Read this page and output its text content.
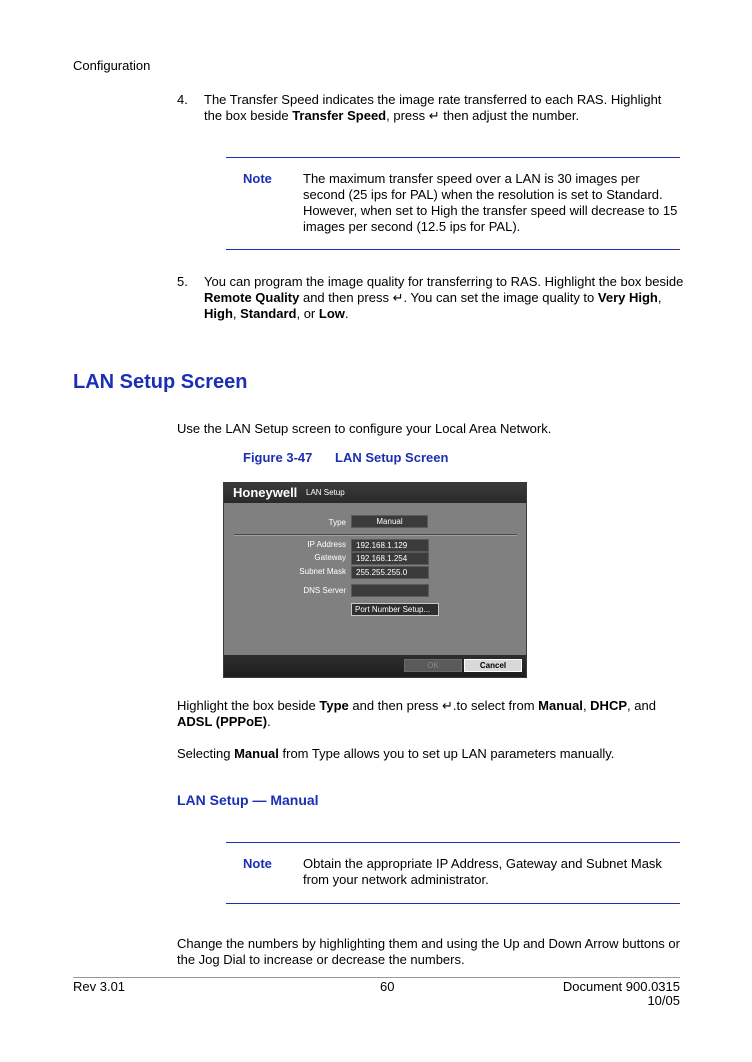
Configuration
4. The Transfer Speed indicates the image rate transferred to each RAS. Highlight
the box beside Transfer Speed, press ↵ then adjust the number.
Note The maximum transfer speed over a LAN is 30 images per second (25 ips for PAL) when the resolution is set to Standard. However, when set to High the transfer speed will decrease to 15 images per second (12.5 ips for PAL).
5. You can program the image quality for transferring to RAS. Highlight the box beside Remote Quality and then press ↵. You can set the image quality to Very High, High, Standard, or Low.
LAN Setup Screen
Use the LAN Setup screen to configure your Local Area Network.
Figure 3-47 LAN Setup Screen
Honeywell LAN Setup
Type	Manual
IP Address	192.168.1.129
Gateway	192.168.1.254
Subnet Mask	255.255.255.0
DNS Server
Port Number Setup...
OK	Cancel
Highlight the box beside Type and then press ↵.to select from Manual, DHCP, and
ADSL (PPPoE).
Selecting Manual from Type allows you to set up LAN parameters manually.
LAN Setup — Manual
Note Obtain the appropriate IP Address, Gateway and Subnet Mask from your network administrator.
Change the numbers by highlighting them and using the Up and Down Arrow buttons or the Jog Dial to increase or decrease the numbers.
Rev 3.01	60	Document 900.0315
10/05
